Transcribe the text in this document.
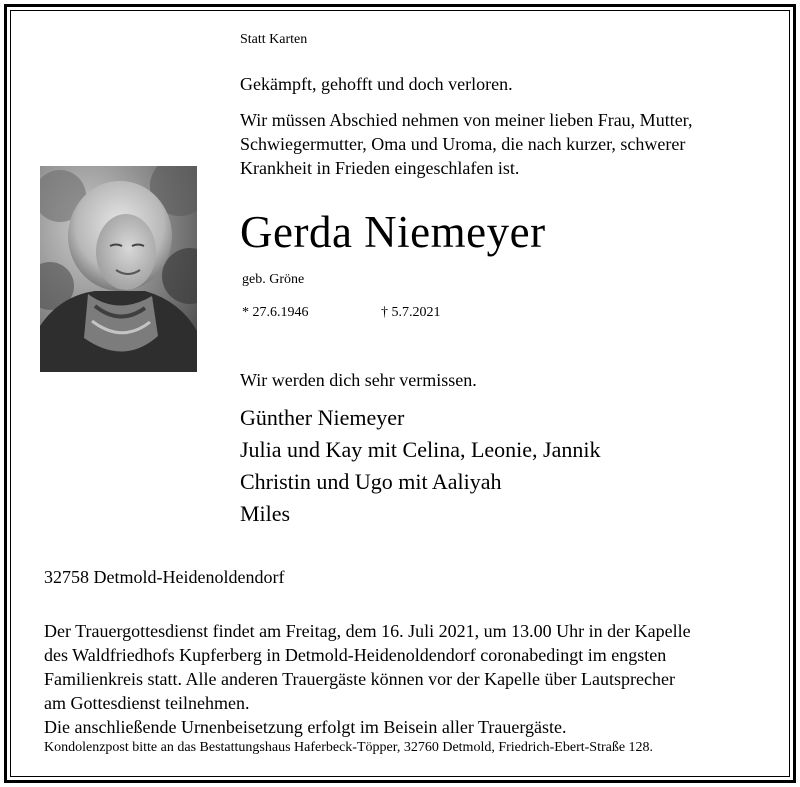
Statt Karten

Gekämpft, gehofft und doch verloren.

Wir müssen Abschied nehmen von meiner lieben Frau, Mutter,
Schwiegermutter, Oma und Uroma, die nach kurzer, schwerer
Krankheit in Frieden eingeschlafen ist.

Gerda Niemeyer

geb. Gröne

* 27.6.1946	† 5.7.2021

Wir werden dich sehr vermissen.

Günther Niemeyer
Julia und Kay mit Celina, Leonie, Jannik
Christin und Ugo mit Aaliyah
Miles

32758 Detmold-Heidenoldendorf

Der Trauergottesdienst findet am Freitag, dem 16. Juli 2021, um 13.00 Uhr in der Kapelle
des Waldfriedhofs Kupferberg in Detmold-Heidenoldendorf coronabedingt im engsten
Familienkreis statt. Alle anderen Trauergäste können vor der Kapelle über Lautsprecher
am Gottesdienst teilnehmen.
Die anschließende Urnenbeisetzung erfolgt im Beisein aller Trauergäste.

Kondolenzpost bitte an das Bestattungshaus Haferbeck-Töpper, 32760 Detmold, Friedrich-Ebert-Straße 128.
